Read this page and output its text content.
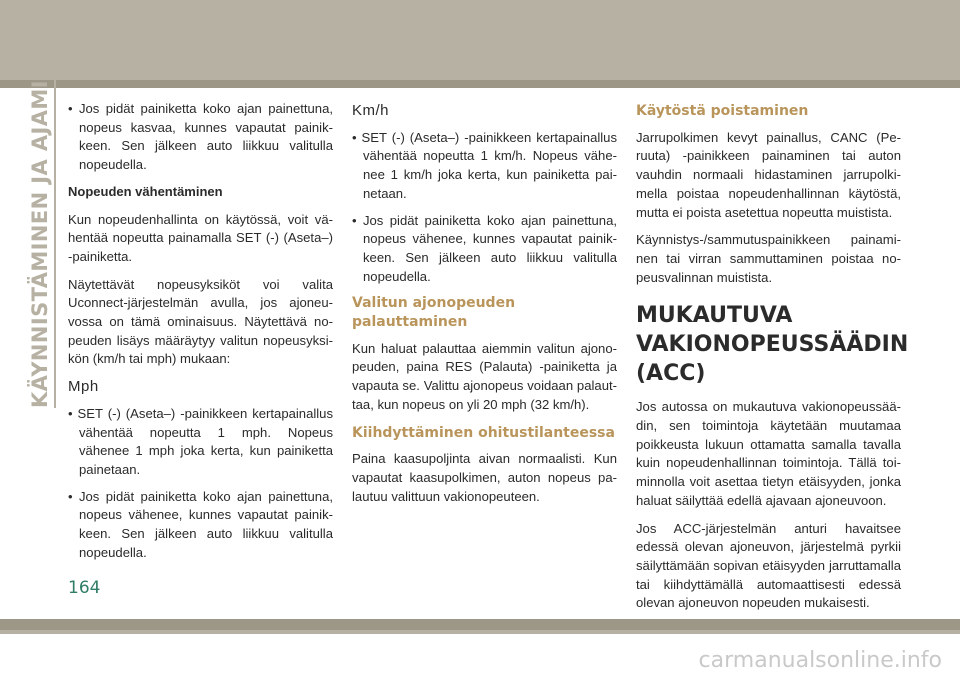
KÄYNNISTÄMINEN JA AJAMINEN • Jos pidät painiketta koko ajan painettuna, nopeus kasvaa, kunnes vapautat painikkeen. Sen jälkeen auto liikkuu valitulla nopeudella.

Nopeuden vähentäminen

Kun nopeudenhallinta on käytössä, voit vähentää nopeutta painamalla SET (-) (Aseta–) -painiketta.

Näytettävät nopeusyksiköt voi valita Uconnect-järjestelmän avulla, jos ajoneuvossa on tämä ominaisuus. Näytettävä nopeuden lisäys määräytyy valitun nopeusyksikön (km/h tai mph) mukaan:

Mph

• SET (-) (Aseta–) -painikkeen kertapainallus vähentää nopeutta 1 mph. Nopeus vähenee 1 mph joka kerta, kun painiketta painetaan.

• Jos pidät painiketta koko ajan painettuna, nopeus vähenee, kunnes vapautat painikkeen. Sen jälkeen auto liikkuu valitulla nopeudella.

Km/h

• SET (-) (Aseta–) -painikkeen kertapainallus vähentää nopeutta 1 km/h. Nopeus vähenee 1 km/h joka kerta, kun painiketta painetaan.

• Jos pidät painiketta koko ajan painettuna, nopeus vähenee, kunnes vapautat painikkeen. Sen jälkeen auto liikkuu valitulla nopeudella.

Valitun ajonopeuden palauttaminen

Kun haluat palauttaa aiemmin valitun ajonopeuden, paina RES (Palauta) -painiketta ja vapauta se. Valittu ajonopeus voidaan palauttaa, kun nopeus on yli 20 mph (32 km/h).

Kiihdyttäminen ohitustilanteessa

Paina kaasupoljinta aivan normaalisti. Kun vapautat kaasupolkimen, auton nopeus palautuu valittuun vakionopeuteen.

Käytöstä poistaminen

Jarrupolkimen kevyt painallus, CANC (Peruuta) -painikkeen painaminen tai auton vauhdin normaali hidastaminen jarrupolkimella poistaa nopeudenhallinnan käytöstä, mutta ei poista asetettua nopeutta muistista.

Käynnistys-/sammutuspainikkeen painaminen tai virran sammuttaminen poistaa nopeusvalinnan muistista.

MUKAUTUVA VAKIONOPEUSSÄÄDIN (ACC)

Jos autossa on mukautuva vakionopeussäädin, sen toimintoja käytetään muutamaa poikkeusta lukuun ottamatta samalla tavalla kuin nopeudenhallinnan toimintoja. Tällä toiminnolla voit asettaa tietyn etäisyyden, jonka haluat säilyttää edellä ajavaan ajoneuvoon.

Jos ACC-järjestelmän anturi havaitsee edessä olevan ajoneuvon, järjestelmä pyrkii säilyttämään sopivan etäisyyden jarruttamalla tai kiihdyttämällä automaattisesti edessä olevan ajoneuvon nopeuden mukaisesti.

164
carmanualsonline.info
